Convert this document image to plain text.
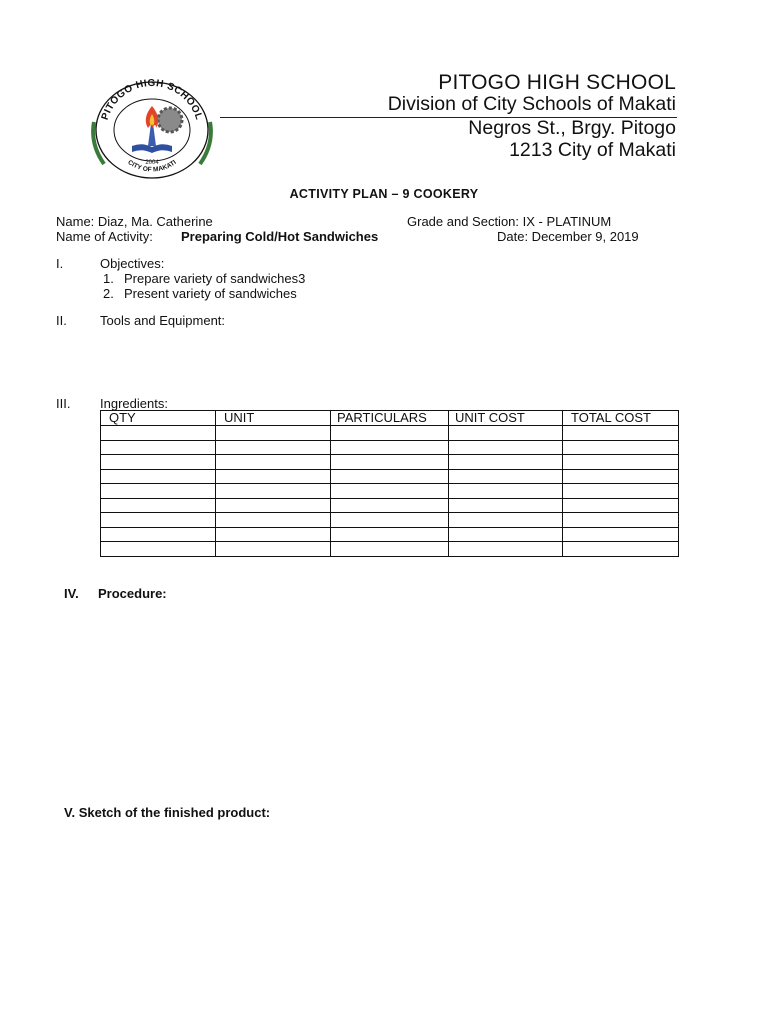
2004
PITOGO HIGH SCHOOL
CITY OF MAKATI
PITOGO HIGH SCHOOL
Division of City Schools of Makati
Negros St., Brgy. Pitogo
1213 City of Makati
ACTIVITY PLAN – 9 COOKERY
Name: Diaz, Ma. Catherine	Grade and Section: IX - PLATINUM
Name of Activity: Preparing Cold/Hot Sandwiches	Date: December 9, 2019
I.	Objectives:
1. Prepare variety of sandwiches3
2. Present variety of sandwiches
II.	Tools and Equipment:
III. Ingredients:
QTY	UNIT	PARTICULARS	UNIT COST	TOTAL COST

IV. Procedure:
V. Sketch of the finished product:
